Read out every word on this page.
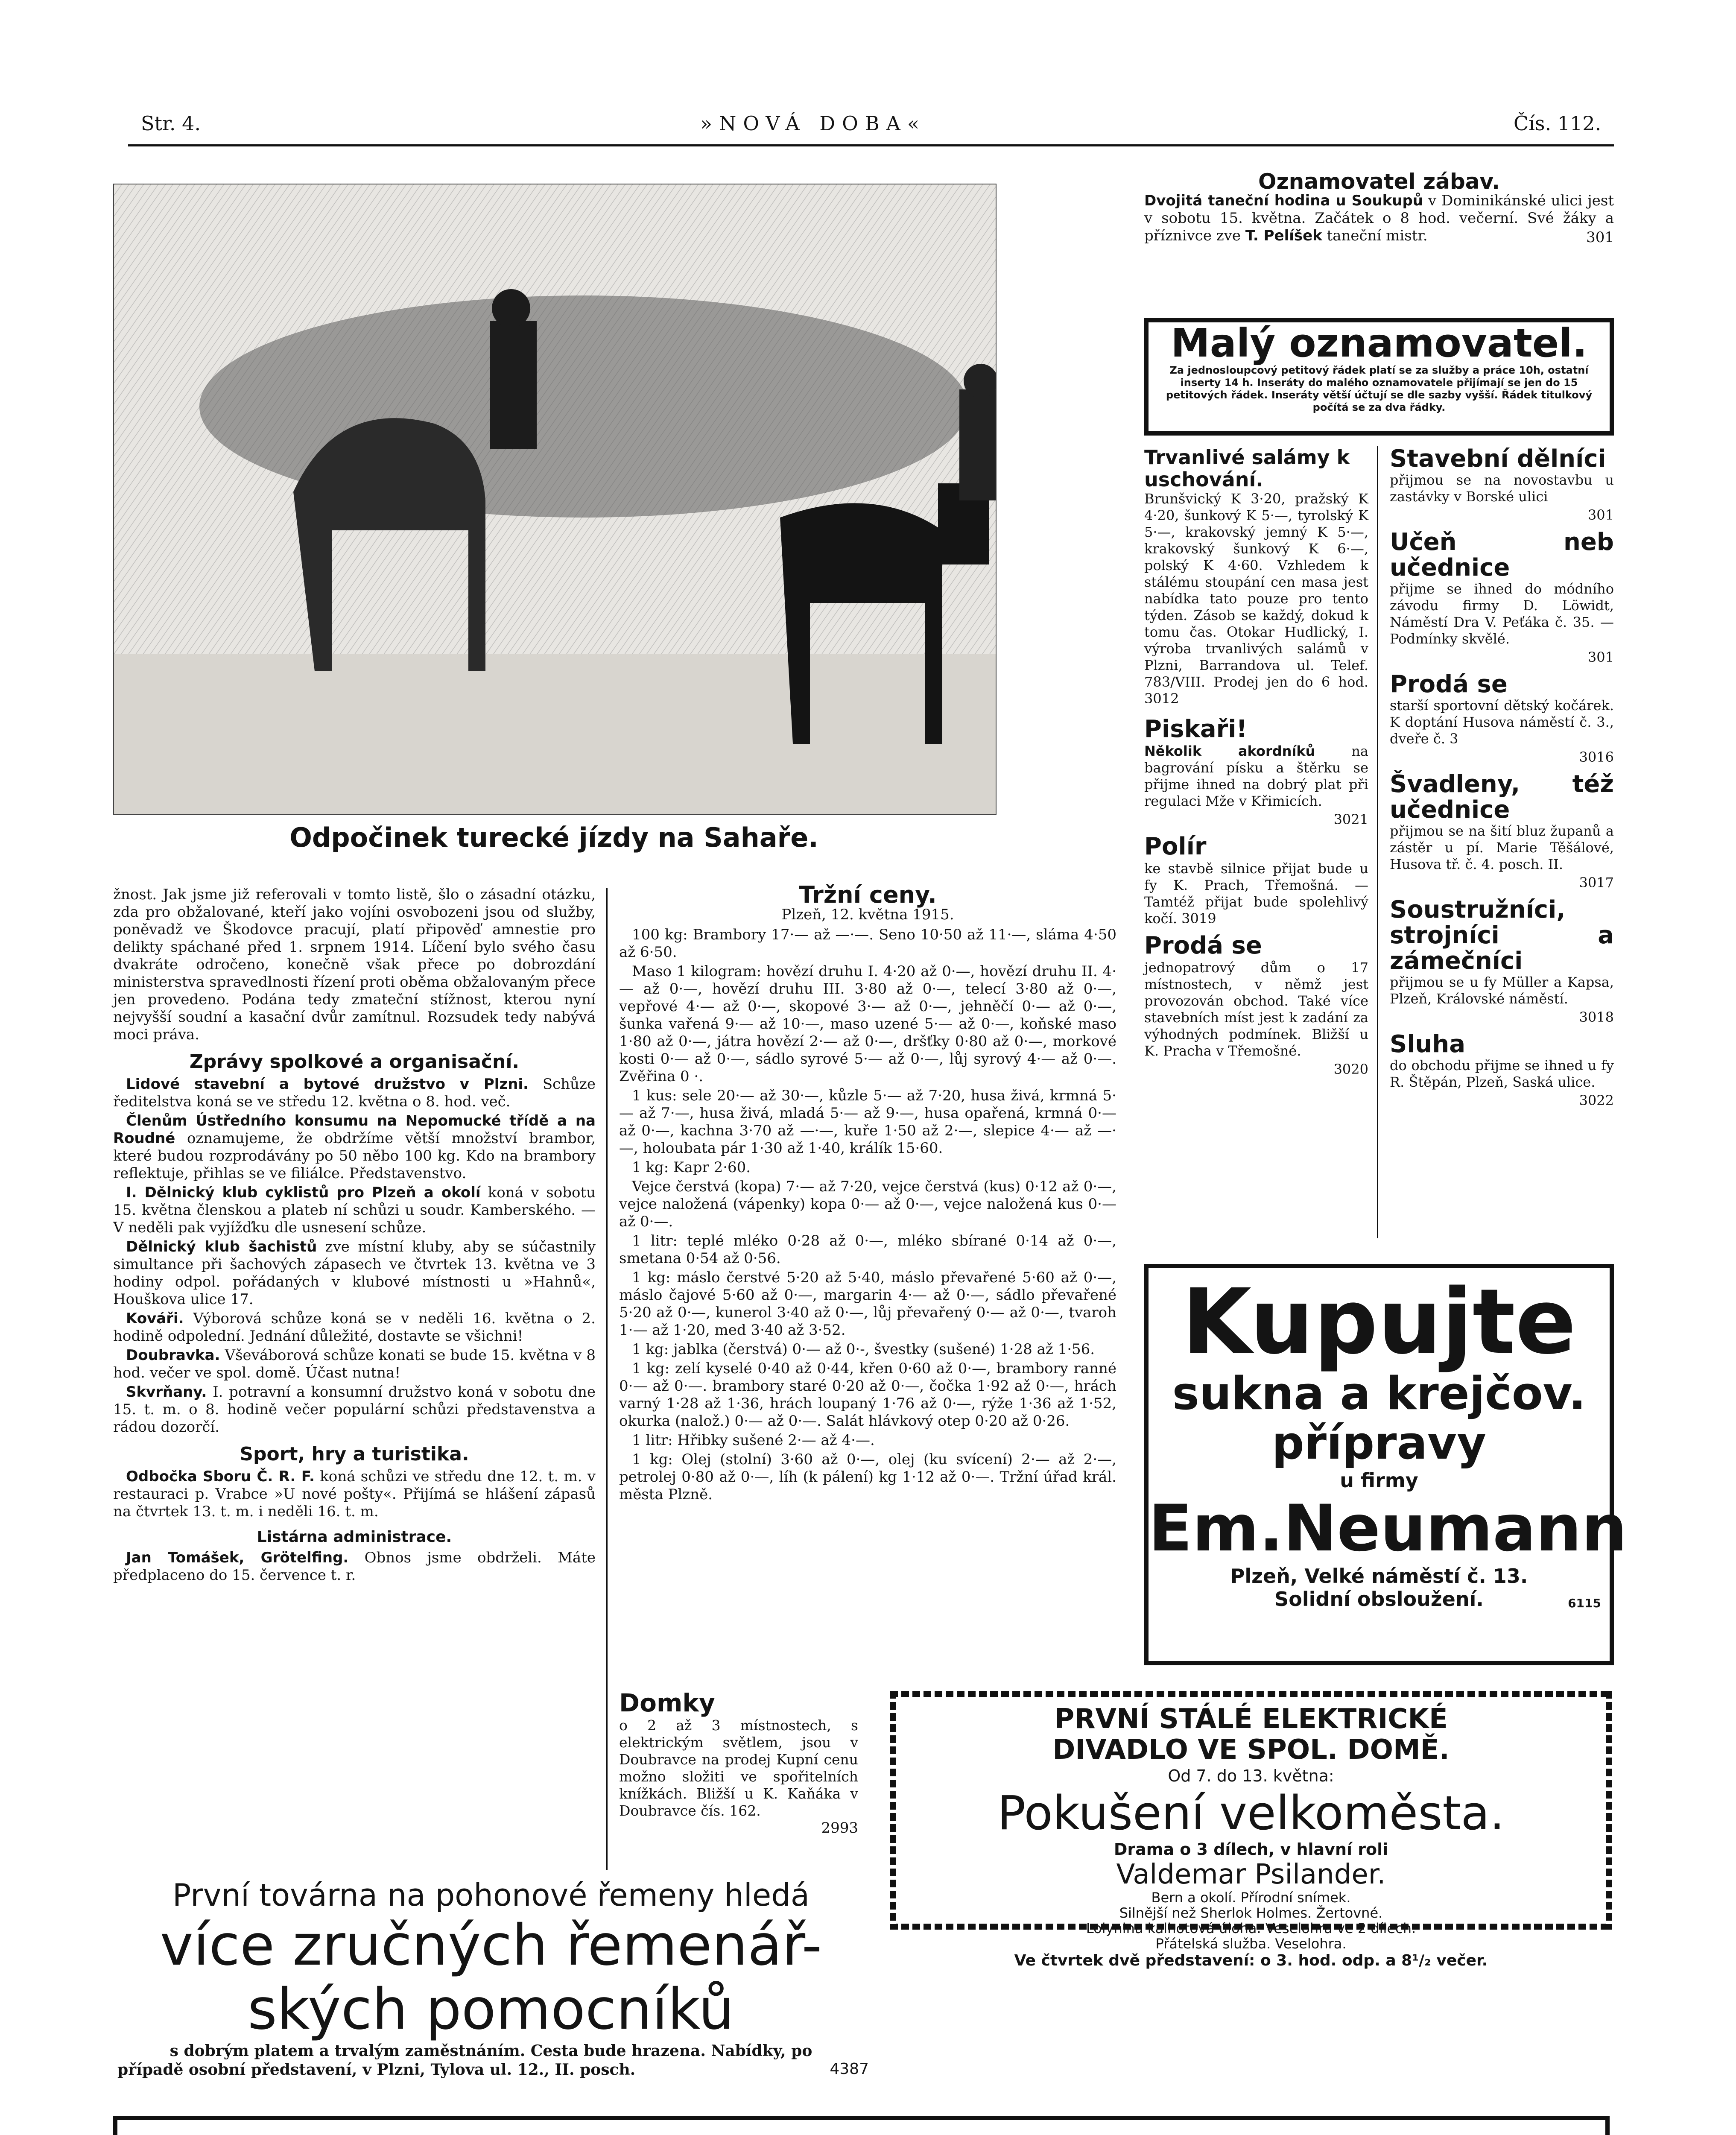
Str. 4.	»NOVÁ DOBA«	Čís. 112.
Odpočinek turecké jízdy na Sahaře.

žnost. Jak jsme již referovali v tomto listě, šlo o zásadní otázku, zda pro obžalované, kteří jako vojíni osvobozeni jsou od služby, poněvadž ve Škodovce pracují, platí připověď amnestie pro delikty spáchané před 1. srpnem 1914. Líčení bylo svého času dvakráte odročeno, konečně však přece po dobrozdání ministerstva spravedlnosti řízení proti oběma obžalovaným přece jen provedeno. Podána tedy zmateční stížnost, kterou nyní nejvyšší soudní a kasační dvůr zamítnul. Rozsudek tedy nabývá moci práva.

Zprávy spolkové a organisační.

Lidové stavební a bytové družstvo v Plzni. Schůze ředitelstva koná se ve středu 12. května o 8. hod. več.

Členům Ústředního konsumu na Nepomucké třídě a na Roudné oznamujeme, že obdržíme větší množství brambor, které budou rozprodávány po 50 něbo 100 kg. Kdo na brambory reflektuje, přihlas se ve filiálce. Představenstvo.

I. Dělnický klub cyklistů pro Plzeň a okolí koná v sobotu 15. května členskou a plateb ní schůzi u soudr. Kamberského. — V neděli pak vyjížďku dle usnesení schůze.

Dělnický klub šachistů zve místní kluby, aby se súčastnily simultance při šachových zápasech ve čtvrtek 13. května ve 3 hodiny odpol. pořádaných v klubové místnosti u »Hahnů«, Houškova ulice 17.

Kováři. Výborová schůze koná se v neděli 16. května o 2. hodině odpolední. Jednání důležité, dostavte se všichni!

Doubravka. Vševáborová schůze konati se bude 15. května v 8 hod. večer ve spol. domě. Účast nutna!

Skvrňany. I. potravní a konsumní družstvo koná v sobotu dne 15. t. m. o 8. hodině večer populární schůzi představenstva a rádou dozorčí.

Sport, hry a turistika.

Odbočka Sboru Č. R. F. koná schůzi ve středu dne 12. t. m. v restauraci p. Vrabce »U nové pošty«. Přijímá se hlášení zápasů na čtvrtek 13. t. m. i neděli 16. t. m.

Listárna administrace.

Jan Tomášek, Grötelfing. Obnos jsme obdrželi. Máte předplaceno do 15. července t. r.

Tržní ceny.
Plzeň, 12. května 1915.

100 kg: Brambory 17·— až —·—. Seno 10·50 až 11·—, sláma 4·50 až 6·50.

Maso 1 kilogram: hovězí druhu I. 4·20 až 0·—, hovězí druhu II. 4·— až 0·—, hovězí druhu III. 3·80 až 0·—, telecí 3·80 až 0·—, vepřové 4·— až 0·—, skopové 3·— až 0·—, jehněčí 0·— až 0·—, šunka vařená 9·— až 10·—, maso uzené 5·— až 0·—, koňské maso 1·80 až 0·—, játra hovězí 2·— až 0·—, dršťky 0·80 až 0·—, morkové kosti 0·— až 0·—, sádlo syrové 5·— až 0·—, lůj syrový 4·— až 0·—. Zvěřina 0 ·.

1 kus: sele 20·— až 30·—, kůzle 5·— až 7·20, husa živá, krmná 5·— až 7·—, husa živá, mladá 5·— až 9·—, husa opařená, krmná 0·— až 0·—, kachna 3·70 až —·—, kuře 1·50 až 2·—, slepice 4·— až —·—, holoubata pár 1·30 až 1·40, králík 15·60.

1 kg: Kapr 2·60.

Vejce čerstvá (kopa) 7·— až 7·20, vejce čerstvá (kus) 0·12 až 0·—, vejce naložená (vápenky) kopa 0·— až 0·—, vejce naložená kus 0·— až 0·—.

1 litr: teplé mléko 0·28 až 0·—, mléko sbírané 0·14 až 0·—, smetana 0·54 až 0·56.

1 kg: máslo čerstvé 5·20 až 5·40, máslo převařené 5·60 až 0·—, máslo čajové 5·60 až 0·—, margarin 4·— až 0·—, sádlo převařené 5·20 až 0·—, kunerol 3·40 až 0·—, lůj převařený 0·— až 0·—, tvaroh 1·— až 1·20, med 3·40 až 3·52.

1 kg: jablka (čerstvá) 0·— až 0·-, švestky (sušené) 1·28 až 1·56.

1 kg: zelí kyselé 0·40 až 0·44, křen 0·60 až 0·—, brambory ranné 0·— až 0·—. brambory staré 0·20 až 0·—, čočka 1·92 až 0·—, hrách varný 1·28 až 1·36, hrách loupaný 1·76 až 0·—, rýže 1·36 až 1·52, okurka (nalož.) 0·— až 0·—. Salát hlávkový otep 0·20 až 0·26.

1 litr: Hřibky sušené 2·— až 4·—.

1 kg: Olej (stolní) 3·60 až 0·—, olej (ku svícení) 2·— až 2·—, petrolej 0·80 až 0·—, líh (k pálení) kg 1·12 až 0·—. Tržní úřad král. města Plzně.

Domky
o 2 až 3 místnostech, s elektrickým světlem, jsou v Doubravce na prodej Kupní cenu možno složiti ve spořitelních knížkách. Bližší u K. Kaňáka v Doubravce čís. 162.
2993
PRVNÍ STÁLÉ ELEKTRICKÉ
DIVADLO VE SPOL. DOMĚ.
Od 7. do 13. května:
Pokušení velkoměsta.
Drama o 3 dílech, v hlavní roli
Valdemar Psilander.
Bern a okolí. Přírodní snímek.
Silnější než Sherlok Holmes. Žertovné.
Lolynina kalhotová úloha. Veselohra ve 2 dílech.
Přátelská služba. Veselohra.
Ve čtvrtek dvě představení: o 3. hod. odp. a 8¹/₂ večer.
Oznamovatel zábav.

Dvojitá taneční hodina u Soukupů v Dominikánské ulici jest v sobotu 15. května. Začátek o 8 hod. večerní. Své žáky a příznivce zve T. Pelíšek taneční mistr.	301
Malý oznamovatel.
Za jednosloupcový petitový řádek platí se za služby a práce 10h, ostatní inserty 14 h. Inseráty do malého oznamovatele přijímají se jen do 15 petitových řádek. Inseráty větší účtují se dle sazby vyšší. Řádek titulkový počítá se za dva řádky.
Trvanlivé salámy k uschování.

Brunšvický K 3·20, pražský K 4·20, šunkový K 5·—, tyrolský K 5·—, krakovský jemný K 5·—, krakovský šunkový K 6·—, polský K 4·60. Vzhledem k stálému stoupání cen masa jest nabídka tato pouze pro tento týden. Zásob se každý, dokud k tomu čas. Otokar Hudlický, I. výroba trvanlivých salámů v Plzni, Barrandova ul. Telef. 783/VIII. Prodej jen do 6 hod. 3012

Piskaři!

Několik akordníků na bagrování písku a štěrku se přijme ihned na dobrý plat při regulaci Mže v Křimicích.

3021
Polír

ke stavbě silnice přijat bude u fy K. Prach, Třemošná. — Tamtéž přijat bude spolehlivý kočí. 3019

Prodá se

jednopatrový dům o 17 místnostech, v němž jest provozován obchod. Také více stavebních míst jest k zadání za výhodných podmínek. Bližší u K. Pracha v Třemošné.

3020
Stavební dělníci

přijmou se na novostavbu u zastávky v Borské ulici

301
Učeň neb učednice

přijme se ihned do módního závodu firmy D. Löwidt, Náměstí Dra V. Peťáka č. 35. — Podmínky skvělé.

301
Prodá se

starší sportovní dětský kočárek. K doptání Husova náměstí č. 3., dveře č. 3

3016
Švadleny, též učednice

přijmou se na šití bluz županů a zástěr u pí. Marie Těšálové, Husova tř. č. 4. posch. II.

3017
Soustružníci, strojníci a zámečníci

přijmou se u fy Müller a Kapsa, Plzeň, Královské náměstí.

3018
Sluha

do obchodu přijme se ihned u fy R. Štěpán, Plzeň, Saská ulice.

3022
Kupujte
sukna a krejčov.
přípravy
u firmy
Em.Neumann
Plzeň, Velké náměstí č. 13.
Solidní obsloužení.	6115
První továrna na pohonové řemeny hledá
více zručných řemenář-
ských pomocníků
s dobrým platem a trvalým zaměstnáním. Cesta bude hrazena. Nabídky, po
případě osobní představení, v Plzni, Tylova ul. 12., II. posch.	4387
